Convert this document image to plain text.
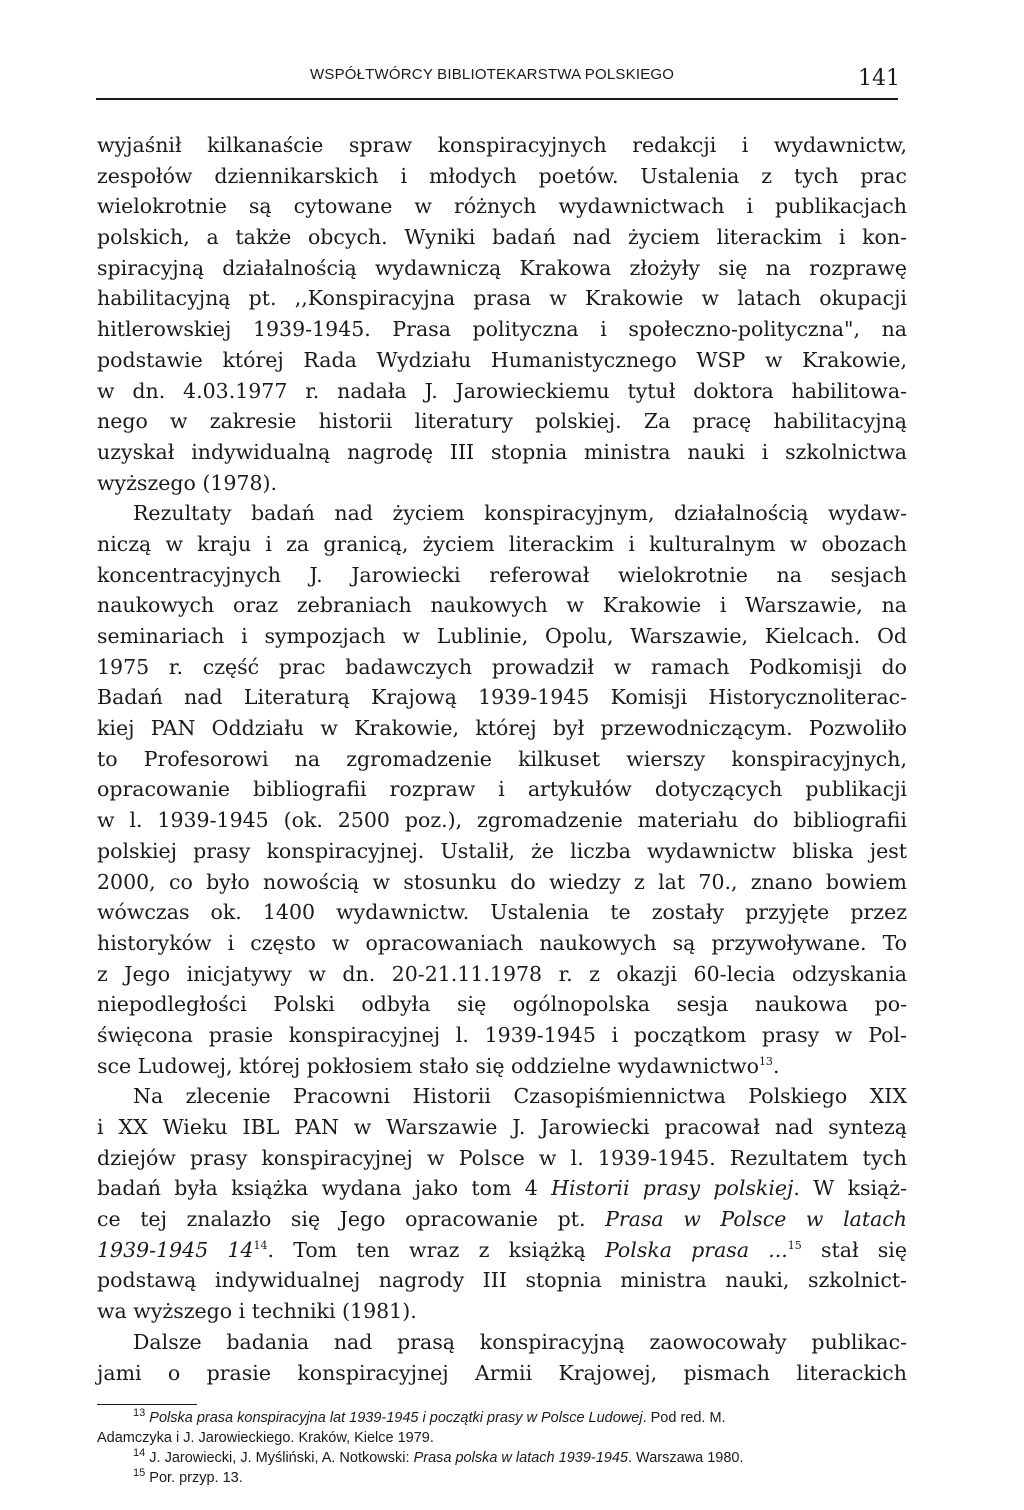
WSPÓŁTWÓRCY BIBLIOTEKARSTWA POLSKIEGO	141
wyjaśnił kilkanaście spraw konspiracyjnych redakcji i wydawnictw,
zespołów dziennikarskich i młodych poetów. Ustalenia z tych prac
wielokrotnie są cytowane w różnych wydawnictwach i publikacjach
polskich, a także obcych. Wyniki badań nad życiem literackim i kon-
spiracyjną działalnością wydawniczą Krakowa złożyły się na rozprawę
habilitacyjną pt. ,,Konspiracyjna prasa w Krakowie w latach okupacji
hitlerowskiej 1939-1945. Prasa polityczna i społeczno-polityczna", na
podstawie której Rada Wydziału Humanistycznego WSP w Krakowie,
w dn. 4.03.1977 r. nadała J. Jarowieckiemu tytuł doktora habilitowa-
nego w zakresie historii literatury polskiej. Za pracę habilitacyjną
uzyskał indywidualną nagrodę III stopnia ministra nauki i szkolnictwa
wyższego (1978).
Rezultaty badań nad życiem konspiracyjnym, działalnością wydaw-
niczą w kraju i za granicą, życiem literackim i kulturalnym w obozach
koncentracyjnych J. Jarowiecki referował wielokrotnie na sesjach
naukowych oraz zebraniach naukowych w Krakowie i Warszawie, na
seminariach i sympozjach w Lublinie, Opolu, Warszawie, Kielcach. Od
1975 r. część prac badawczych prowadził w ramach Podkomisji do
Badań nad Literaturą Krajową 1939-1945 Komisji Historycznoliterac-
kiej PAN Oddziału w Krakowie, której był przewodniczącym. Pozwoliło
to Profesorowi na zgromadzenie kilkuset wierszy konspiracyjnych,
opracowanie bibliografii rozpraw i artykułów dotyczących publikacji
w l. 1939-1945 (ok. 2500 poz.), zgromadzenie materiału do bibliografii
polskiej prasy konspiracyjnej. Ustalił, że liczba wydawnictw bliska jest
2000, co było nowością w stosunku do wiedzy z lat 70., znano bowiem
wówczas ok. 1400 wydawnictw. Ustalenia te zostały przyjęte przez
historyków i często w opracowaniach naukowych są przywoływane. To
z Jego inicjatywy w dn. 20-21.11.1978 r. z okazji 60-lecia odzyskania
niepodległości Polski odbyła się ogólnopolska sesja naukowa po-
święcona prasie konspiracyjnej l. 1939-1945 i początkom prasy w Pol-
sce Ludowej, której pokłosiem stało się oddzielne wydawnictwo$^{13}$.
Na zlecenie Pracowni Historii Czasopiśmiennictwa Polskiego XIX
i XX Wieku IBL PAN w Warszawie J. Jarowiecki pracował nad syntezą
dziejów prasy konspiracyjnej w Polsce w l. 1939-1945. Rezultatem tych
badań była książka wydana jako tom 4 Historii prasy polskiej. W książ-
ce tej znalazło się Jego opracowanie pt. Prasa w Polsce w latach
1939-1945 $14^{14}$. Tom ten wraz z książką Polska prasa ...$^{15}$ stał się
podstawą indywidualnej nagrody III stopnia ministra nauki, szkolnict-
wa wyższego i techniki (1981).
Dalsze badania nad prasą konspiracyjną zaowocowały publikac-
jami o prasie konspiracyjnej Armii Krajowej, pismach literackich
$^{13}$ Polska prasa konspiracyjna lat 1939-1945 i początki prasy w Polsce Ludowej. Pod red. M.
Adamczyka i J. Jarowieckiego. Kraków, Kielce 1979.
$^{14}$ J. Jarowiecki, J. Myśliński, A. Notkowski: Prasa polska w latach 1939-1945. Warszawa 1980.
$^{15}$ Por. przyp. 13.
